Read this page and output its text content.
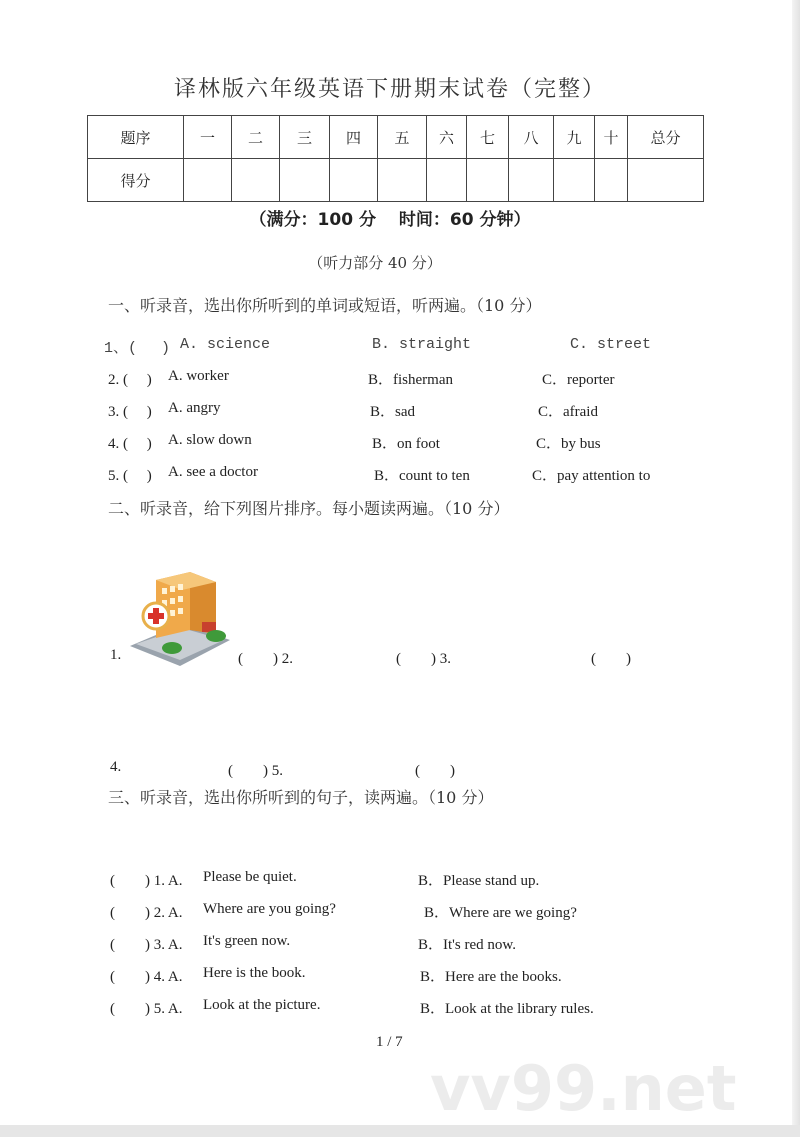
vv99.net
译林版六年级英语下册期末试卷（完整）
题序	一	二	三	四	五	六	七	八	九	十	总分
得分											
（满分：100 分　 时间：60 分钟）
（听力部分 40 分）
一、听录音，选出你所听到的单词或短语，听两遍。（10 分）
1、(　 ) A. science	B. straight	C. street
2. (　 ) A. worker	B．fisherman	C．reporter
3. (　 ) A. angry	B．sad	C．afraid
4. (　 ) A. slow down	B．on foot	C．by bus
5. (　 ) A. see a doctor	B．count to ten	C．pay attention to
二、听录音，给下列图片排序。每小题读两遍。（10 分）
1.	(　　) 2.	(　　) 3.	(　　)
4.	(　　) 5.	(　　)
三、听录音，选出你所听到的句子，读两遍。（10 分）
(　　) 1. A. Please be quiet.	B．Please stand up.
(　　) 2. A. Where are you going?	B．Where are we going?
(　　) 3. A. It's green now.	B．It's red now.
(　　) 4. A. Here is the book.	B．Here are the books.
(　　) 5. A. Look at the picture.	B．Look at the library rules.
1 / 7
